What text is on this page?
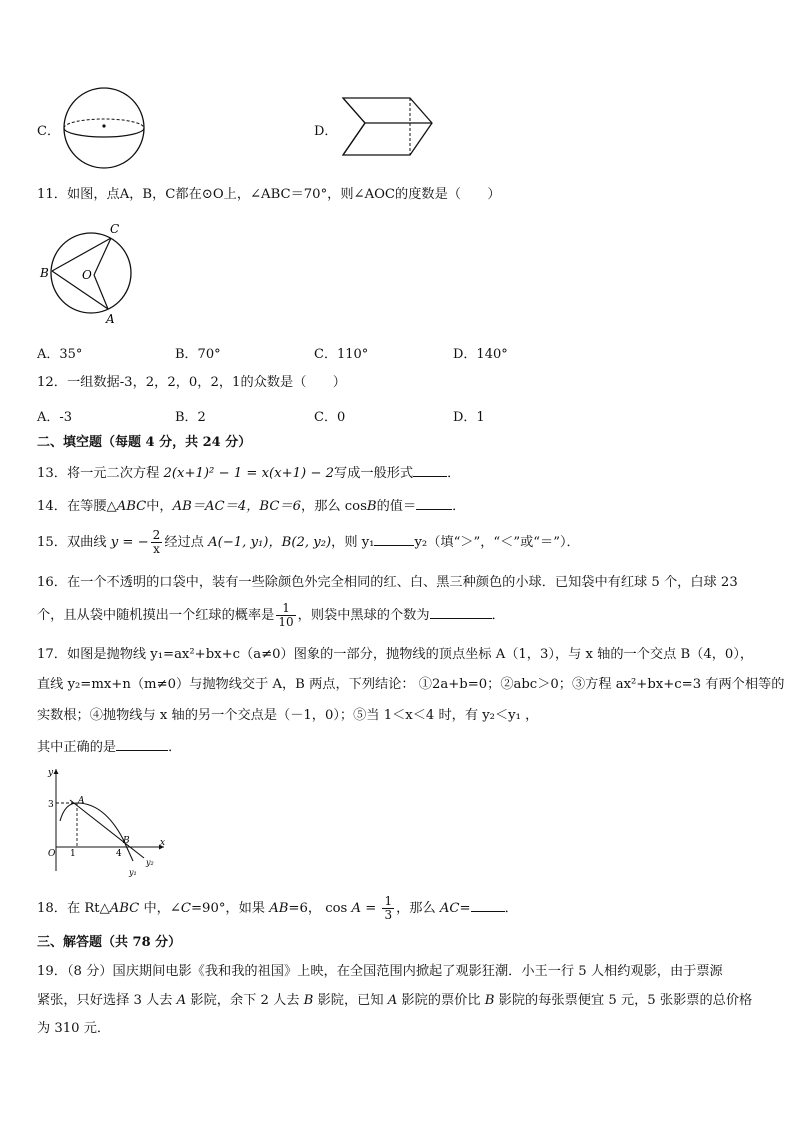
C．	D．
11．如图，点A，B，C都在⊙O上，∠ABC＝70°，则∠AOC的度数是（　　）
C
B	O
A
A．35°	B．70°	C．110°	D．140°
12．一组数据-3，2，2，0，2，1的众数是（　　）
A．-3	B．2	C．0	D．1
二、填空题（每题 4 分，共 24 分）
13．将一元二次方程 2(x+1)² − 1 = x(x+1) − 2写成一般形式	．
14．在等腰△ABC中，AB＝AC＝4，BC＝6，那么 cosB的值＝	．
15．双曲线 y = − $\frac{2}{x}$ 经过点 A(−1, y₁)，B(2, y₂)，则 y₁	y₂（填“＞”，“＜”或“＝”）．
16．在一个不透明的口袋中，装有一些除颜色外完全相同的红、白、黑三种颜色的小球．已知袋中有红球 5 个，白球 23
个，且从袋中随机摸出一个红球的概率是 $\frac{1}{10}$ ，则袋中黑球的个数为	．
17．如图是抛物线 y₁=ax²+bx+c（a≠0）图象的一部分，抛物线的顶点坐标 A（1，3），与 x 轴的一个交点 B（4，0），
直线 y₂=mx+n（m≠0）与抛物线交于 A，B 两点，下列结论： ①2a+b=0；②abc＞0；③方程 ax²+bx+c=3 有两个相等的
实数根；④抛物线与 x 轴的另一个交点是（－1，0）；⑤当 1＜x＜4 时，有 y₂＜y₁ ，
其中正确的是	．
y
3	A
B
O 1	4
x
y₂
y₁
18．在 Rt△ABC 中，∠C=90°，如果 AB=6， $\cos A = \frac{1}{3}$ ，那么 AC=	．
三、解答题（共 78 分）
19．（8 分）国庆期间电影《我和我的祖国》上映，在全国范围内掀起了观影狂潮．小王一行 5 人相约观影，由于票源
紧张，只好选择 3 人去 A 影院，余下 2 人去 B 影院，已知 A 影院的票价比 B 影院的每张票便宜 5 元，5 张影票的总价格
为 310 元．
